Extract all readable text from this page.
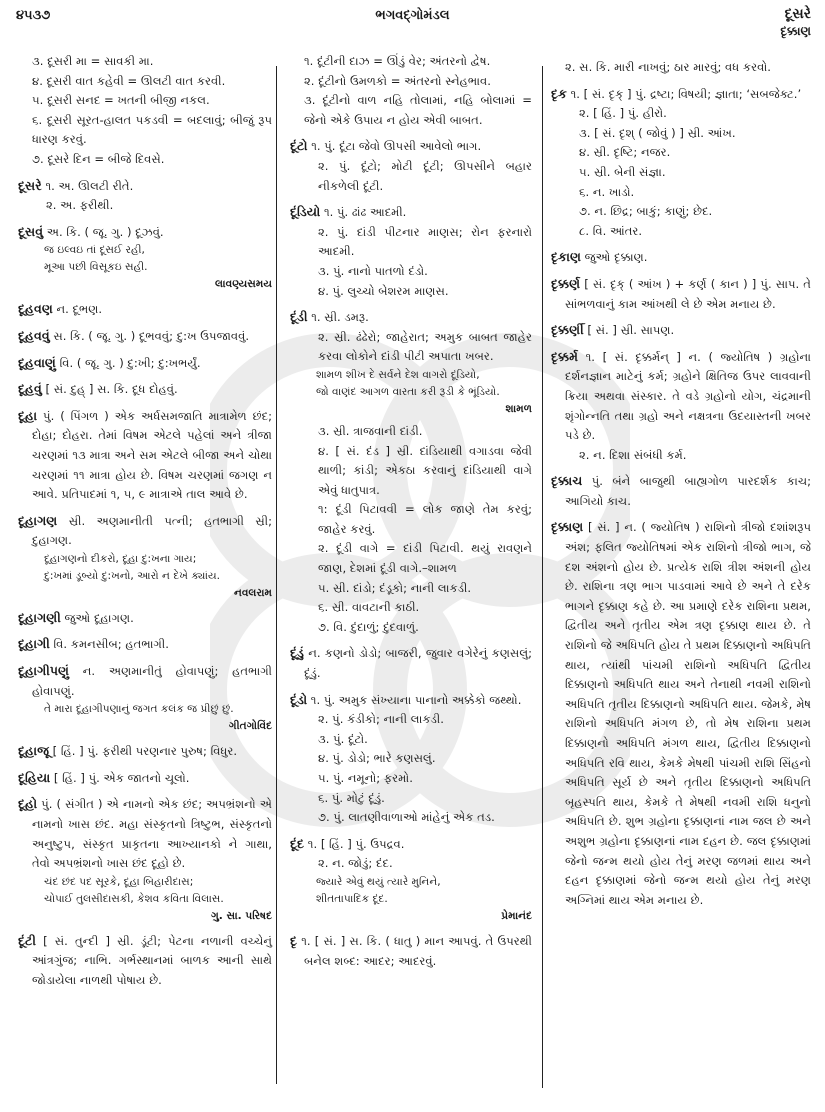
૪૫૩૭	ભગવદ્ગોમંડલ	દૂસરે
દૃક્કાણ
૩. દૂસરી મા = સાવકી મા.
૪. દૂસરી વાત કહેવી = ઊલટી વાત કરવી.
૫. દૂસરી સનદ = ખતની બીજી નકલ.
૬. દૂસરી સૂરત-હાલત પકડવી = બદલાવું; બીજું રૂપ ધારણ કરવું.
૭. દૂસરે દિન = બીજે દિવસે.
દૂસરે ૧. અ. ઊલટી રીતે.
૨. અ. ફરીથી.
દૂસવું અ. કિ. ( જૂ. ગુ. ) દૂઝવું.
જ ઇલ્વઇ તાં દૂસઈ રહી,
મૂઆ પછી વિસૂકઇ સહી.
લાવણ્યસમય
દૂહવણ ન. દૂભણ.
દૂહવવું સ. કિ. ( જૂ. ગુ. ) દૂભવવું; દુ:ખ ઉપજાવવું.
દૂહવાણું વિ. ( જૂ. ગુ. ) દુ:ખી; દુ:ખભર્યું.
દૂહવું [ સં. દુહ્ ] સ. કિ. દૂધ દોહવું.
દૂહા પું. ( પિંગળ ) એક અર્ધસમજાતિ માત્રામેળ છંદ; દોહા; દોહરા. તેમાં વિષમ એટલે પહેલાં અને ત્રીજા ચરણમાં ૧૩ માત્રા અને સમ એટલે બીજા અને ચોથા ચરણમાં ૧૧ માત્રા હોય છે. વિષમ ચરણમાં જગણ ન આવે. પ્રતિપાદમાં ૧, ૫, ૯ માત્રાએ તાલ આવે છે.
દૂહાગણ સ્રી. અણમાનીતી પત્ની; હતભાગી સ્રી; દુહાગણ.
દૂહાગણનો દીકરો, દૂહા દુ:ખના ગાય;
દુ:ખમાં ડૂબ્યો દુ:ખનો, આરો ન દેખે ક્યાંય.
નવલરામ
દૂહાગણી જુઓ દૂહાગણ.
દૂહાગી વિ. કમનસીબ; હતભાગી.
દૂહાગીપણું ન. અણમાનીતું હોવાપણું; હતભાગી હોવાપણું.
તે મારા દૂહાગીપણાનું જગત કલંક જ પ્રીછું છું.
ગીતગોવિંદ
દૂહાજૂ [ હિં. ] પું. ફરીથી પરણનાર પુરુષ; વિધુર.
દૂહિયા [ હિં. ] પું. એક જાતનો ચૂલો.
દૂહો પું. ( સંગીત ) એ નામનો એક છંદ; અપભ્રંશનો એ નામનો ખાસ છંદ. મહા સંસ્કૃતનો ત્રિષ્ટુભ, સંસ્કૃતનો અનુષ્ટુપ, સંસ્કૃત પ્રાકૃતના આખ્યાનકો ને ગાથા, તેવો અપભ્રંશનો ખાસ છંદ દૂહો છે.
ચંદ છંદ પદ સૂરકે, દૂહા બિહારીદાસ;
ચોપાઈ તુલસીદાસકી, કેશવ કવિતા વિલાસ.
ગુ. સા. પરિષદ
દૂંટી [ સં. તુન્દી ] સ્રી. ડૂંટી; પેટના નળાની વચ્ચેનું આંત્રગુંજ; નાભિ. ગર્ભસ્થાનમાં બાળક આની સાથે જોડાયેલા નાળથી પોષાય છે.
૧. દૂંટીની દાઝ = ઊંડું વેર; અંતરનો દ્વેષ.
૨. દૂંટીનો ઉમળકો = અંતરનો સ્નેહભાવ.
૩. દૂંટીનો વાળ નહિ તોલામાં, નહિ બોલામાં = જેનો એકે ઉપાય ન હોય એવી બાબત.
દૂંટો ૧. પું. દૂંટા જેવો ઊપસી આવેલો ભાગ.
૨. પું. દૂંટો; મોટી દૂંટી; ઊપસીને બહાર નીકળેલી દૂંટી.
દૂંડિયો ૧. પું. ઢાંઢ આદમી.
૨. પું. દાંડી પીટનાર માણસ; રોન ફરનારો આદમી.
૩. પું. નાનો પાતળો દંડો.
૪. પું. લુચ્ચો બેશરમ માણસ.
દૂંડી ૧. સ્રી. ડમરૂ.
૨. સ્રી. ઢંઢેરો; જાહેરાત; અમુક બાબત જાહેર કરવા લોકોને દાંડી પીટી અપાતા ખબર.
શામળ શીખ દે સર્વને દેશ વાગરો દૂંડિયો,
જો વાણંદ આગળ વારતા કરી રૂડી કે ભૂંડિયો.
શામળ
૩. સ્રી. ત્રાજવાની દાંડી.
૪. [ સં. દંડ ] સ્રી. દાંડિયાથી વગાડવા જેવી થાળી; કાંડી; એકઠા કરવાનું દાંડિયાથી વાગે એવું ધાતુપાત્ર.
૧: દૂંડી પિટાવવી = લોક જાણે તેમ કરવું; જાહેર કરવું.
૨. દૂંડી વાગે = દાંડી પિટાવી. થયું રાવણને જાણ, દેશમાં દૂંડી વાગે.–શામળ
૫. સ્રી. દાંડો; દંડૂકો; નાની લાકડી.
૬. સ્રી. વાવટાની કાઠી.
૭. વિ. દુંદાળું; દુંદવાળું.
દૂંડું ન. કણનો ડોડો; બાજરી, જુવાર વગેરેનું કણસલું; દૂંડું.
દૂંડો ૧. પું. અમુક સંખ્યાના પાનાનો અક્કેકો જથ્થો.
૨. પું. કંડીકો; નાની લાકડી.
૩. પું. દૂંટો.
૪. પું. ડોડો; ભારે કણસલું.
૫. પું. નમૂનો; ફરમો.
૬. પું. મોટું દૂંડું.
૭. પું. લાતણીવાળાઓ માંહેનું એક તડ.
દૂંદ ૧. [ હિં. ] પું. ઉપદ્રવ.
૨. ન. જોડું; દંદ.
જ્યારે એવું થયું ત્યારે મુનિને,
શીતતાપાદિક દૂંદ.
પ્રેમાનંદ
દૃ ૧. [ સં. ] સ. કિ. ( ધાતુ ) માન આપવું. તે ઉપરથી બનેલ શબ્દ: આદર; આદરવું.
૨. સ. કિ. મારી નાખવું; ઠાર મારવું; વધ કરવો.
દૃક ૧. [ સં. દૃક્ ] પું. દ્રષ્ટા; વિષયી; જ્ઞાતા; ‘સબજેક્ટ.’
૨. [ હિં. ] પું. હીરો.
૩. [ સં. દૃશ્ ( જોવું ) ] સ્રી. આંખ.
૪. સ્રી. દૃષ્ટિ; નજર.
૫. સ્રી. બેની સંજ્ઞા.
૬. ન. ખાડો.
૭. ન. છિદ્ર; બાકું; કાણું; છેદ.
૮. વિ. આંતર.
દૃકાણ જુઓ દૃક્કાણ.
દૃક્કર્ણ [ સં. દૃક્ ( આંખ ) + કર્ણ ( કાન ) ] પું. સાપ. તે સાંભળવાનું કામ આંખથી લે છે એમ મનાય છે.
દૃક્કર્ણી [ સં. ] સ્રી. સાપણ.
દૃક્કર્મ ૧. [ સં. દૃક્કર્મન્ ] ન. ( જ્યોતિષ ) ગ્રહોના દર્શનજ્ઞાન માટેનું કર્મ; ગ્રહોને ક્ષિતિજ ઉપર લાવવાની ક્રિયા અથવા સંસ્કાર. તે વડે ગ્રહોનો યોગ, ચંદ્રમાની શૃંગોન્નતિ તથા ગ્રહો અને નક્ષત્રના ઉદયાસ્તની ખબર પડે છે.
૨. ન. દિશા સંબંધી કર્મ.
દૃક્કાચ પું. બંને બાજુથી બાહ્યગોળ પારદર્શક કાચ; આગિયો કાચ.
દૃક્કાણ [ સં. ] ન. ( જ્યોતિષ ) રાશિનો ત્રીજો દશાંશરૂપ અંશ; ફલિત જ્યોતિષમાં એક રાશિનો ત્રીજો ભાગ, જે દશ અંશનો હોય છે. પ્રત્યેક રાશિ ત્રીશ અંશની હોય છે. રાશિના ત્રણ ભાગ પાડવામાં આવે છે અને તે દરેક ભાગને દૃક્કાણ કહે છે. આ પ્રમાણે દરેક રાશિના પ્રથમ, દ્વિતીય અને તૃતીય એમ ત્રણ દૃક્કાણ થાય છે. તે રાશિનો જે અધિપતિ હોય તે પ્રથમ દિક્કાણનો અધિપતિ થાય, ત્યાંથી પાંચમી રાશિનો અધિપતિ દ્વિતીય દિક્કાણનો અધિપતિ થાય અને તેનાથી નવમી રાશિનો અધિપતિ તૃતીય દિક્કાણનો અધિપતિ થાય. જેમકે, મેષ રાશિનો અધિપતિ મંગળ છે, તો મેષ રાશિના પ્રથમ દિક્કાણનો અધિપતિ મંગળ થાય, દ્વિતીય દિક્કાણનો અધિપતિ રવિ થાય, કેમકે મેષથી પાંચમી રાશિ સિંહનો અધિપતિ સૂર્ય છે અને તૃતીય દિક્કાણનો અધિપતિ બૃહસ્પતિ થાય, કેમકે તે મેષથી નવમી રાશિ ધનુનો અધિપતિ છે. શુભ ગ્રહોના દૃક્કાણનાં નામ જલ છે અને અશુભ ગ્રહોના દૃક્કાણનાં નામ દહન છે. જલ દૃક્કાણમાં જેનો જન્મ થયો હોય તેનું મરણ જળમાં થાય અને દહન દૃક્કાણમાં જેનો જન્મ થયો હોય તેનું મરણ અગ્નિમાં થાય એમ મનાય છે.
